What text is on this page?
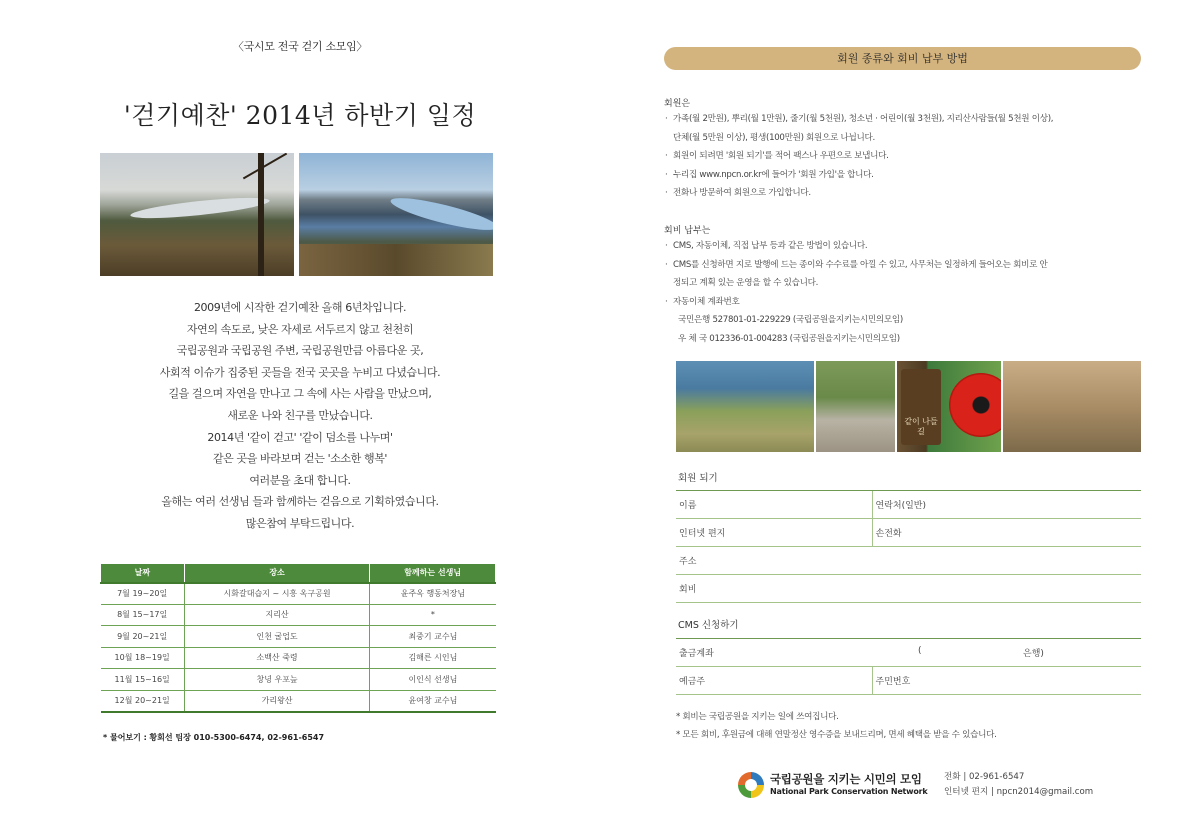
〈국시모 전국 걷기 소모임〉
'걷기예찬' 2014년 하반기 일정
2009년에 시작한 걷기예찬 올해 6년차입니다.
자연의 속도로, 낮은 자세로 서두르지 않고 천천히
국립공원과 국립공원 주변, 국립공원만큼 아름다운 곳,
사회적 이슈가 집중된 곳들을 전국 곳곳을 누비고 다녔습니다.
길을 걸으며 자연을 만나고 그 속에 사는 사람을 만났으며,
새로운 나와 친구를 만났습니다.
2014년 '같이 걷고' '같이 덤소를 나누며'
같은 곳을 바라보며 걷는 '소소한 행복'
여러분을 초대 합니다.
올해는 여러 선생님 들과 함께하는 걷음으로 기획하였습니다.
많은참여 부탁드립니다.
날짜	장소	함께하는 선생님
7월 19~20일	시화갈대습지 ~ 시흥 옥구공원	윤주옥 행동처장님
8월 15~17일	지리산	*
9월 20~21일	인천 굴업도	최중기 교수님
10월 18~19일	소백산 죽령	김해른 시인님
11월 15~16일	창녕 우포늪	이인식 선생님
12월 20~21일	가리왕산	윤여창 교수님
* 물어보기 : 황회선 팀장 010-5300-6474, 02-961-6547
회원 종류와 회비 납부 방법
회원은
· 가족(월 2만원), 뿌리(월 1만원), 줄기(월 5천원), 청소년 · 어린이(월 3천원), 지리산사람들(월 5천원 이상),
단체(월 5만원 이상), 평생(100만원) 회원으로 나뉩니다.
· 회원이 되려면 '회원 되기'를 적어 팩스나 우편으로 보냅니다.
· 누리집 www.npcn.or.kr에 들어가 '회원 가입'을 합니다.
· 전화나 방문하여 회원으로 가입합니다.
회비 납부는
· CMS, 자동이체, 직접 납부 등과 같은 방법이 있습니다.
· CMS를 신청하면 지로 발행에 드는 종이와 수수료를 아낄 수 있고, 사무처는 일정하게 들어오는 회비로 안
정되고 계획 있는 운영을 할 수 있습니다.
· 자동이체 계좌번호
국민은행 527801-01-229229 (국립공원을지키는시민의모임)
우 체 국 012336-01-004283 (국립공원을지키는시민의모임)
같이 나들길
회원 되기
이름	연락처(일반)
인터넷 편지	손전화
주소	
회비	
CMS 신청하기
출금계좌	(	은행)

예금주	주민번호
* 회비는 국립공원을 지키는 일에 쓰여집니다.
* 모든 회비, 후원금에 대해 연말정산 영수증을 보내드리며, 면세 혜택을 받을 수 있습니다.
국립공원을 지키는 시민의 모임
National Park Conservation Network
전화 | 02-961-6547
인터넷 편지 | npcn2014@gmail.com
